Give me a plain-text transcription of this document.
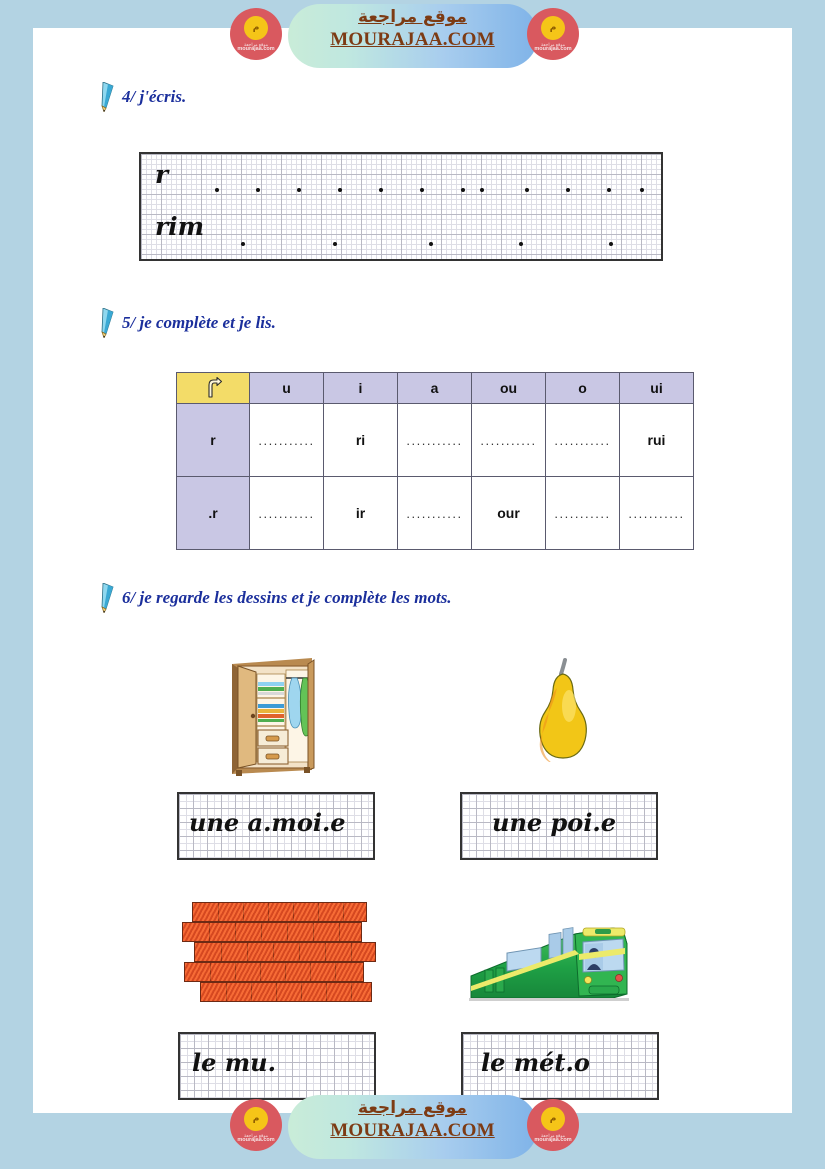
4/ j'écris.
r
rim
5/ je complète et je lis.
	u	i	a	ou	o	ui
r	...........	ri	...........	...........	...........	rui
.r	...........	ir	...........	our	...........	...........
6/ je regarde les dessins et je complète les mots.
une a.moi.e	une poi.e
le mu.	le mét.o
م
موقع مراجعة
mourajaa.com
موقع مراجعة
MOURAJAA.COM
م
موقع مراجعة
mourajaa.com
م
موقع مراجعة
mourajaa.com
موقع مراجعة
MOURAJAA.COM
م
موقع مراجعة
mourajaa.com
